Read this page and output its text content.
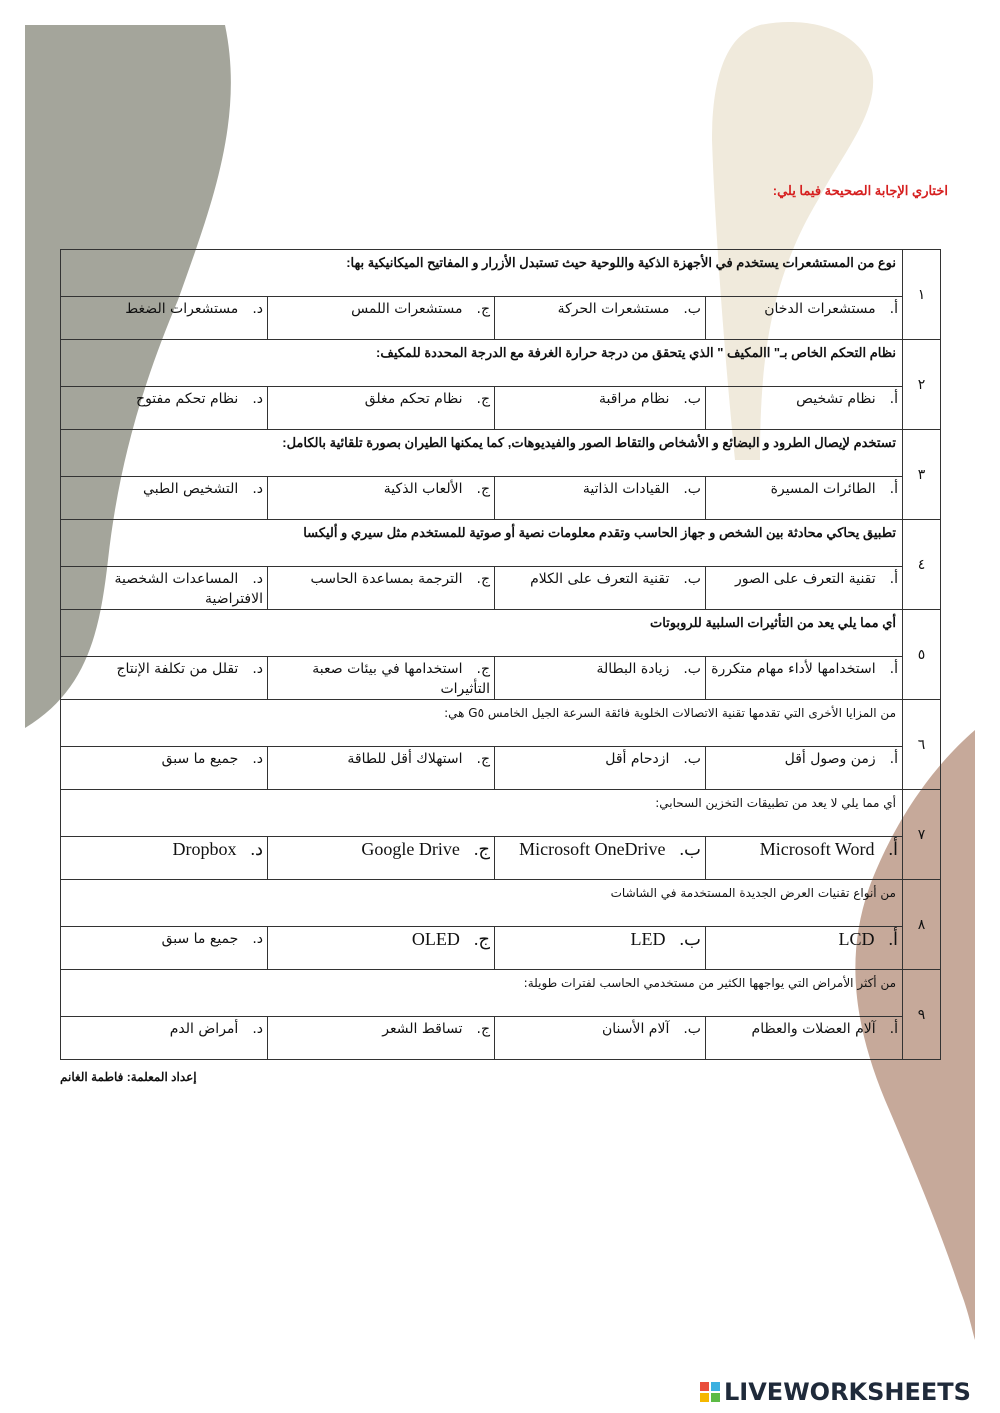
اختاري الإجابة الصحيحة فيما يلي:
١	نوع من المستشعرات يستخدم في الأجهزة الذكية واللوحية حيث تستبدل الأزرار و المفاتيح الميكانيكية بها:			
	أ.مستشعرات الدخان	ب.مستشعرات الحركة	ج.مستشعرات اللمس	د.مستشعرات الضغط
٢	نظام التحكم الخاص بـ" االمكيف " الذي يتحقق من درجة حرارة الغرفة مع الدرجة المحددة للمكيف:			
	أ.نظام تشخيص	ب.نظام مراقبة	ج.نظام تحكم مغلق	د.نظام تحكم مفتوح
٣	تستخدم لإيصال الطرود و البضائع و الأشخاص والتقاط الصور والفيديوهات, كما يمكنها الطيران بصورة تلقائية بالكامل:			
	أ.الطائرات المسيرة	ب.القيادات الذاتية	ج.الألعاب الذكية	د.التشخيص الطبي
٤	تطبيق يحاكي محادثة بين الشخص و جهاز الحاسب وتقدم معلومات نصية أو صوتية للمستخدم مثل سيري و أليكسا			
	أ.تقنية التعرف على الصور	ب.تقنية التعرف على الكلام	ج.الترجمة بمساعدة الحاسب	د.المساعدات الشخصية الافتراضية
٥	أي مما يلي يعد من التأثيرات السلبية للروبوتات			
	أ.استخدامها لأداء مهام متكررة	ب.زيادة البطالة	ج.استخدامها في بيئات صعبة التأثيرات	د.تقلل من تكلفة الإنتاج
٦	من المزايا الأخرى التي تقدمها تقنية الاتصالات الخلوية فائقة السرعة الجيل الخامس G٥ هي:			
	أ.زمن وصول أقل	ب.ازدحام أقل	ج.استهلاك أقل للطاقة	د.جميع ما سبق
٧	أي مما يلي لا يعد من تطبيقات التخزين السحابي:			
	أ.Microsoft Word	ب.Microsoft OneDrive	ج.Google Drive	د.Dropbox
٨	من أنواع تقنيات العرض الجديدة المستخدمة في الشاشات			
	أ.LCD	ب.LED	ج.OLED	د.جميع ما سبق
٩	من أكثر الأمراض التي يواجهها الكثير من مستخدمي الحاسب لفترات طويلة:			
	أ.آلام العضلات والعظام	ب.آلام الأسنان	ج.تساقط الشعر	د.أمراض الدم
إعداد المعلمة: فاطمة الغانم
LIVEWORKSHEETS
